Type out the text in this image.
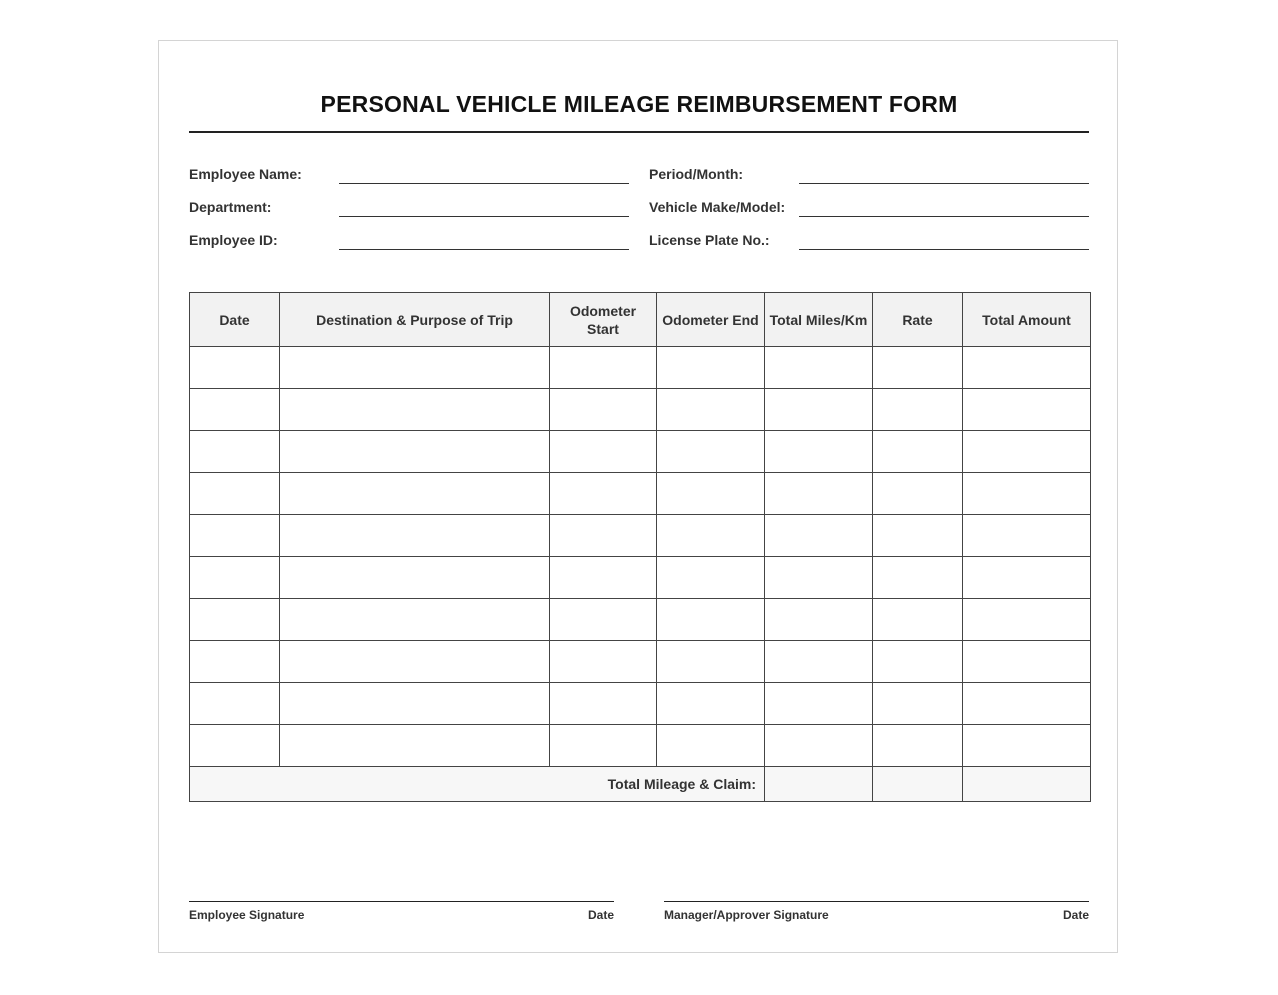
PERSONAL VEHICLE MILEAGE REIMBURSEMENT FORM
Employee Name:
Department:
Employee ID:
Period/Month:
Vehicle Make/Model:
License Plate No.:
Date	Destination & Purpose of Trip	Odometer Start	Odometer End	Total Miles/Km	Rate	Total Amount

Total Mileage & Claim:						
Employee Signature	Date	Manager/Approver Signature	Date
